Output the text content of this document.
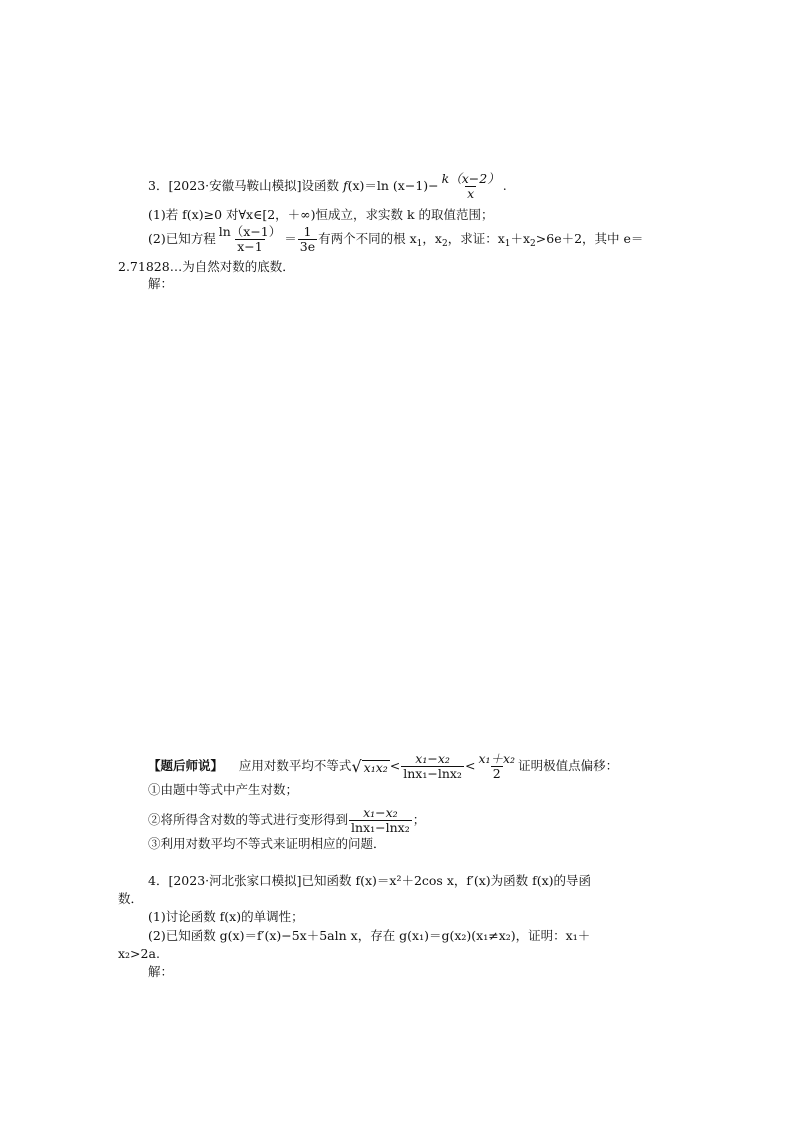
3．[2023·安徽马鞍山模拟]设函数 f(x)＝ln $(x-1)- \frac{k(x-2)}{x}$ .
(1)若 f(x)≥0 对∀x∈[2，＋∞)恒成立，求实数 k 的取值范围；
(2)已知方程 $\frac{\ln(x-1)}{x-1} = \frac{1}{3e}$ 有两个不同的根 $x_1$，$x_2$，求证：$x_1+x_2>6e+2$，其中 e＝
2.71828…为自然对数的底数．
解：
【题后师说】 应用对数平均不等式 √ $x_1x_2 < \frac{\text{x₁−x₂}}{\text{lnx₁−lnx₂}} < \frac{\text{x₁＋x₂}}{2}$ 证明极值点偏移：
①由题中等式中产生对数；
②将所得含对数的等式进行变形得到 $\frac{\text{x₁−x₂}}{\text{lnx₁−lnx₂}}$ ；
③利用对数平均不等式来证明相应的问题．
4．[2023·河北张家口模拟]已知函数 f(x)＝x²＋2cos x，f′(x)为函数 f(x)的导函
数．
(1)讨论函数 f(x)的单调性；
(2)已知函数 g(x)＝f′(x)−5x＋5aln x，存在 g(x₁)＝g(x₂)(x₁≠x₂)，证明：x₁＋
x₂>2a.
解：
